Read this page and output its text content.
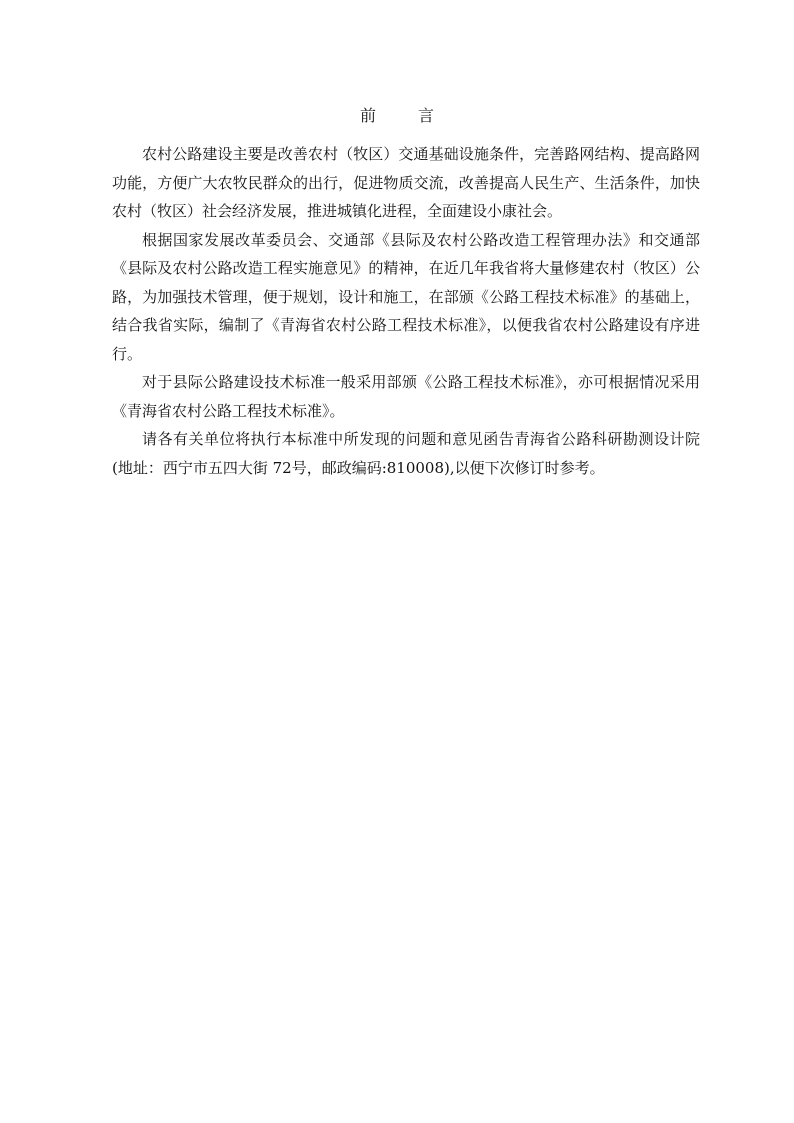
前	言

农村公路建设主要是改善农村（牧区）交通基础设施条件，完善路网结构、提高路网功能，方便广大农牧民群众的出行，促进物质交流，改善提高人民生产、生活条件，加快农村（牧区）社会经济发展，推进城镇化进程，全面建设小康社会。

根据国家发展改革委员会、交通部《县际及农村公路改造工程管理办法》和交通部《县际及农村公路改造工程实施意见》的精神，在近几年我省将大量修建农村（牧区）公路，为加强技术管理，便于规划，设计和施工，在部颁《公路工程技术标准》的基础上，结合我省实际，编制了《青海省农村公路工程技术标准》，以便我省农村公路建设有序进行。

对于县际公路建设技术标准一般采用部颁《公路工程技术标准》，亦可根据情况采用《青海省农村公路工程技术标准》。

请各有关单位将执行本标准中所发现的问题和意见函告青海省公路科研勘测设计院(地址：西宁市五四大街 72号，邮政编码:810008),以便下次修订时参考。
